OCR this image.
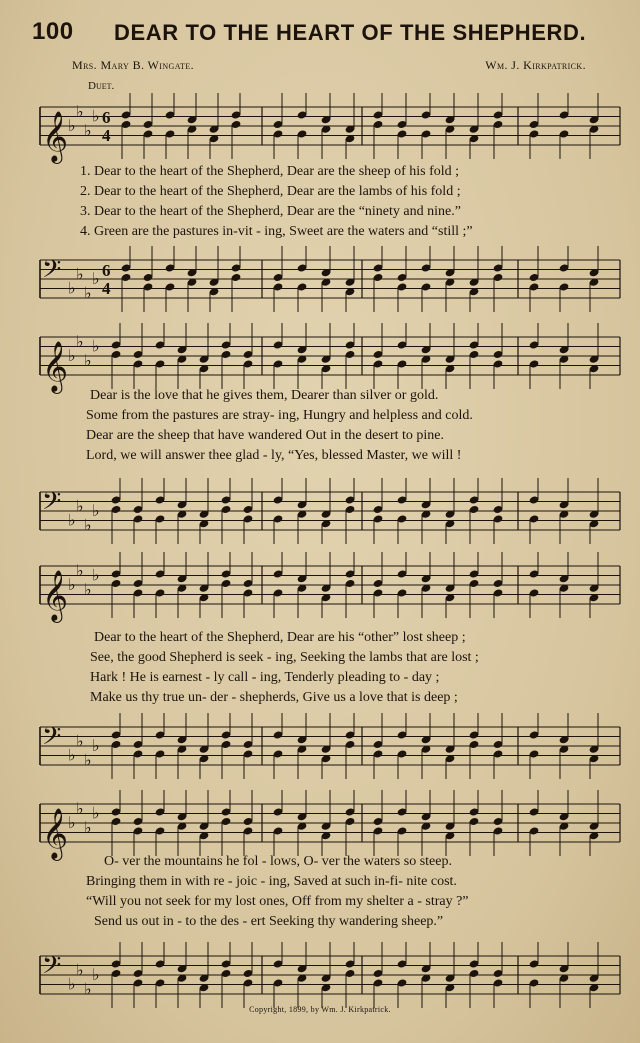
100 DEAR TO THE HEART OF THE SHEPHERD.
Mrs. Mary B. Wingate.	Wm. J. Kirkpatrick.
Duet.
𝄞 ♭
♭
♭
♭ 6
4
1. Dear to the heart of the Shepherd, Dear are the sheep of his fold ;
2. Dear to the heart of the Shepherd, Dear are the lambs of his fold ;
3. Dear to the heart of the Shepherd, Dear are the “ninety and nine.”
4. Green are the pastures in-vit - ing, Sweet are the waters and “still ;”
𝄢 ♭
♭
♭
♭ 6
4
𝄞 ♭
♭
♭
♭
Dear is the love that he gives them, Dearer than silver or gold.
Some from the pastures are stray- ing, Hungry and helpless and cold.
Dear are the sheep that have wandered Out in the desert to pine.
Lord, we will answer thee glad - ly, “Yes, blessed Master, we will !
𝄢 ♭
♭
♭
♭
𝄞 ♭
♭
♭
♭
Dear to the heart of the Shepherd, Dear are his “other” lost sheep ;
See, the good Shepherd is seek - ing, Seeking the lambs that are lost ;
Hark ! He is earnest - ly call - ing, Tenderly pleading to - day ;
Make us thy true un- der - shepherds, Give us a love that is deep ;
𝄢 ♭
♭
♭
♭
𝄞 ♭
♭
♭
♭
O- ver the mountains he fol - lows, O- ver the waters so steep.
Bringing them in with re - joic - ing, Saved at such in-fi- nite cost.
“Will you not seek for my lost ones, Off from my shelter a - stray ?”
Send us out in - to the des - ert Seeking thy wandering sheep.”
𝄢 ♭
♭
♭
♭
Copyright, 1899, by Wm. J. Kirkpatrick.
